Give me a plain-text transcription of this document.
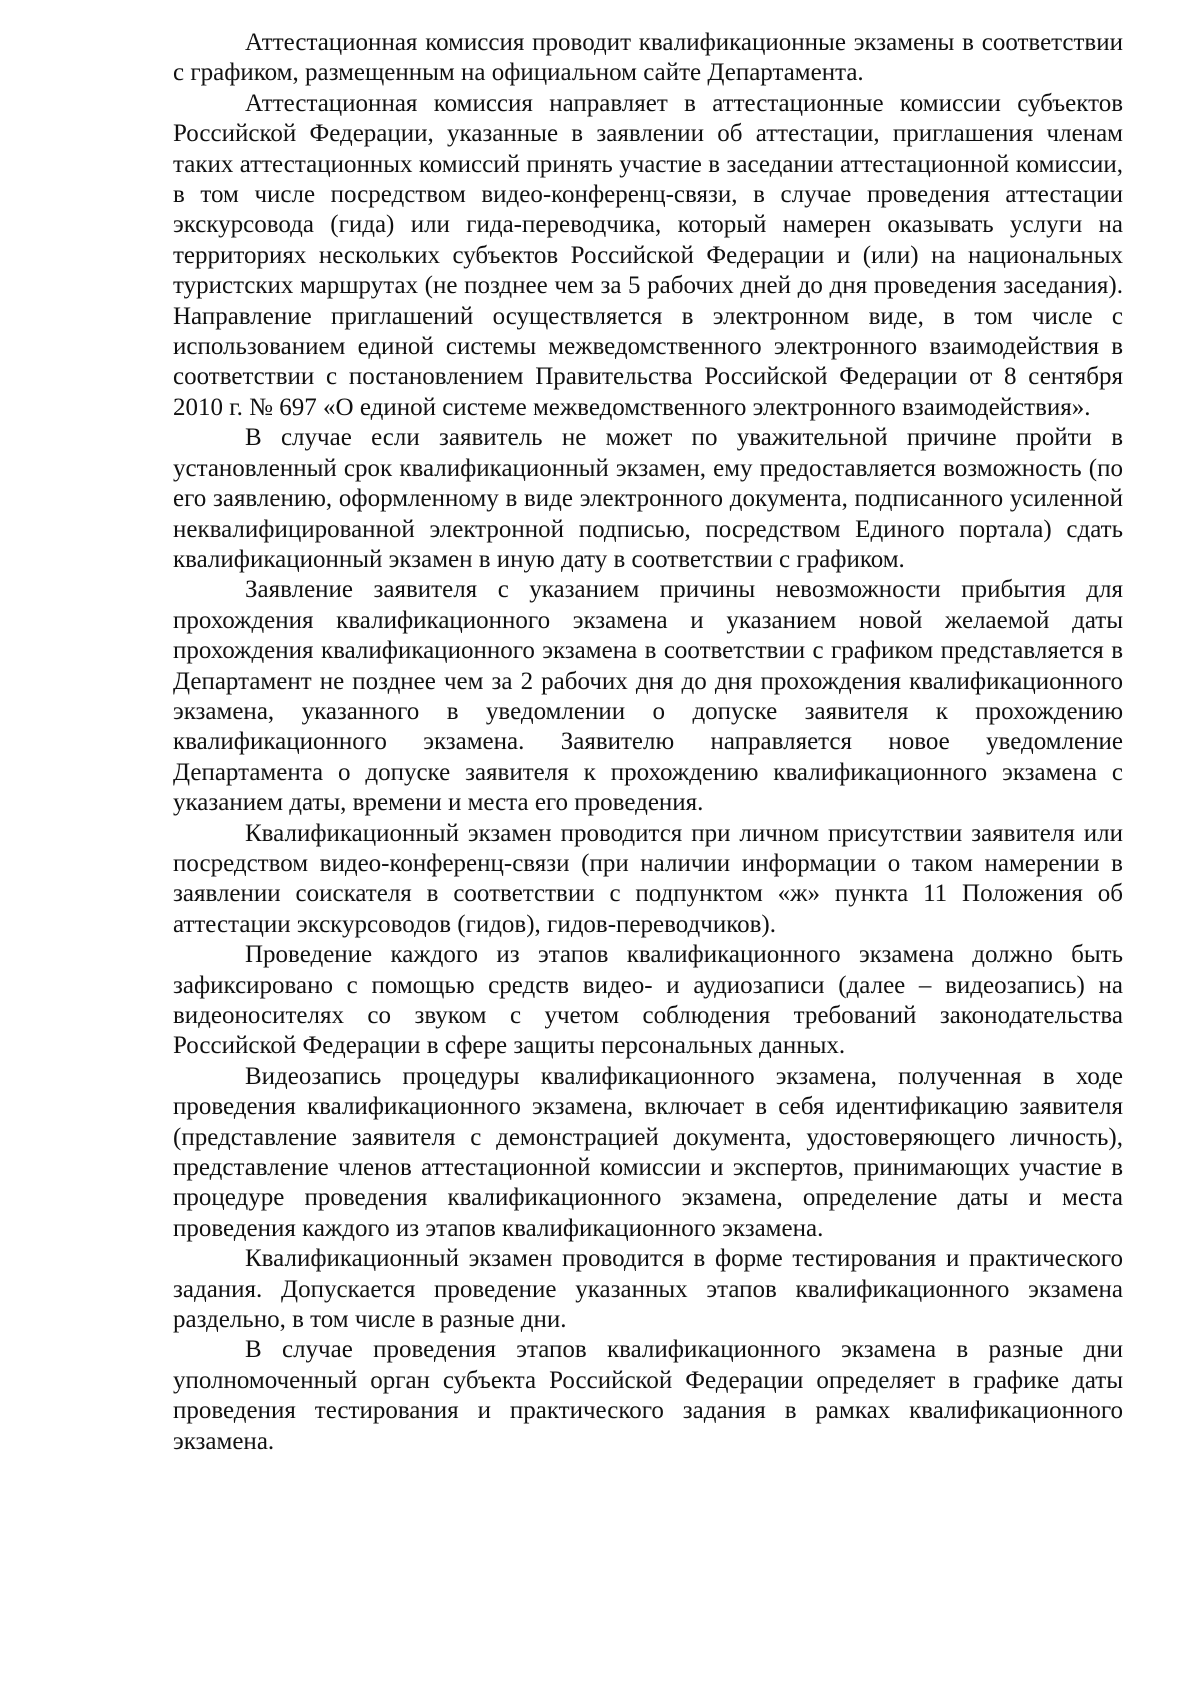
Аттестационная комиссия проводит квалификационные экзамены в соответствии с графиком, размещенным на официальном сайте Департамента.

Аттестационная комиссия направляет в аттестационные комиссии субъектов Российской Федерации, указанные в заявлении об аттестации, приглашения членам таких аттестационных комиссий принять участие в заседании аттестационной комиссии, в том числе посредством видео-конференц-связи, в случае проведения аттестации экскурсовода (гида) или гида-переводчика, который намерен оказывать услуги на территориях нескольких субъектов Российской Федерации и (или) на национальных туристских маршрутах (не позднее чем за 5 рабочих дней до дня проведения заседания). Направление приглашений осуществляется в электронном виде, в том числе с использованием единой системы межведомственного электронного взаимодействия в соответствии с постановлением Правительства Российской Федерации от 8 сентября 2010 г. № 697 «О единой системе межведомственного электронного взаимодействия».

В случае если заявитель не может по уважительной причине пройти в установленный срок квалификационный экзамен, ему предоставляется возможность (по его заявлению, оформленному в виде электронного документа, подписанного усиленной неквалифицированной электронной подписью, посредством Единого портала) сдать квалификационный экзамен в иную дату в соответствии с графиком.

Заявление заявителя с указанием причины невозможности прибытия для прохождения квалификационного экзамена и указанием новой желаемой даты прохождения квалификационного экзамена в соответствии с графиком представляется в Департамент не позднее чем за 2 рабочих дня до дня прохождения квалификационного экзамена, указанного в уведомлении о допуске заявителя к прохождению квалификационного экзамена. Заявителю направляется новое уведомление Департамента о допуске заявителя к прохождению квалификационного экзамена с указанием даты, времени и места его проведения.

Квалификационный экзамен проводится при личном присутствии заявителя или посредством видео-конференц-связи (при наличии информации о таком намерении в заявлении соискателя в соответствии с подпунктом «ж» пункта 11 Положения об аттестации экскурсоводов (гидов), гидов-переводчиков).

Проведение каждого из этапов квалификационного экзамена должно быть зафиксировано с помощью средств видео- и аудиозаписи (далее – видеозапись) на видеоносителях со звуком с учетом соблюдения требований законодательства Российской Федерации в сфере защиты персональных данных.

Видеозапись процедуры квалификационного экзамена, полученная в ходе проведения квалификационного экзамена, включает в себя идентификацию заявителя (представление заявителя с демонстрацией документа, удостоверяющего личность), представление членов аттестационной комиссии и экспертов, принимающих участие в процедуре проведения квалификационного экзамена, определение даты и места проведения каждого из этапов квалификационного экзамена.

Квалификационный экзамен проводится в форме тестирования и практического задания. Допускается проведение указанных этапов квалификационного экзамена раздельно, в том числе в разные дни.

В случае проведения этапов квалификационного экзамена в разные дни уполномоченный орган субъекта Российской Федерации определяет в графике даты проведения тестирования и практического задания в рамках квалификационного экзамена.
